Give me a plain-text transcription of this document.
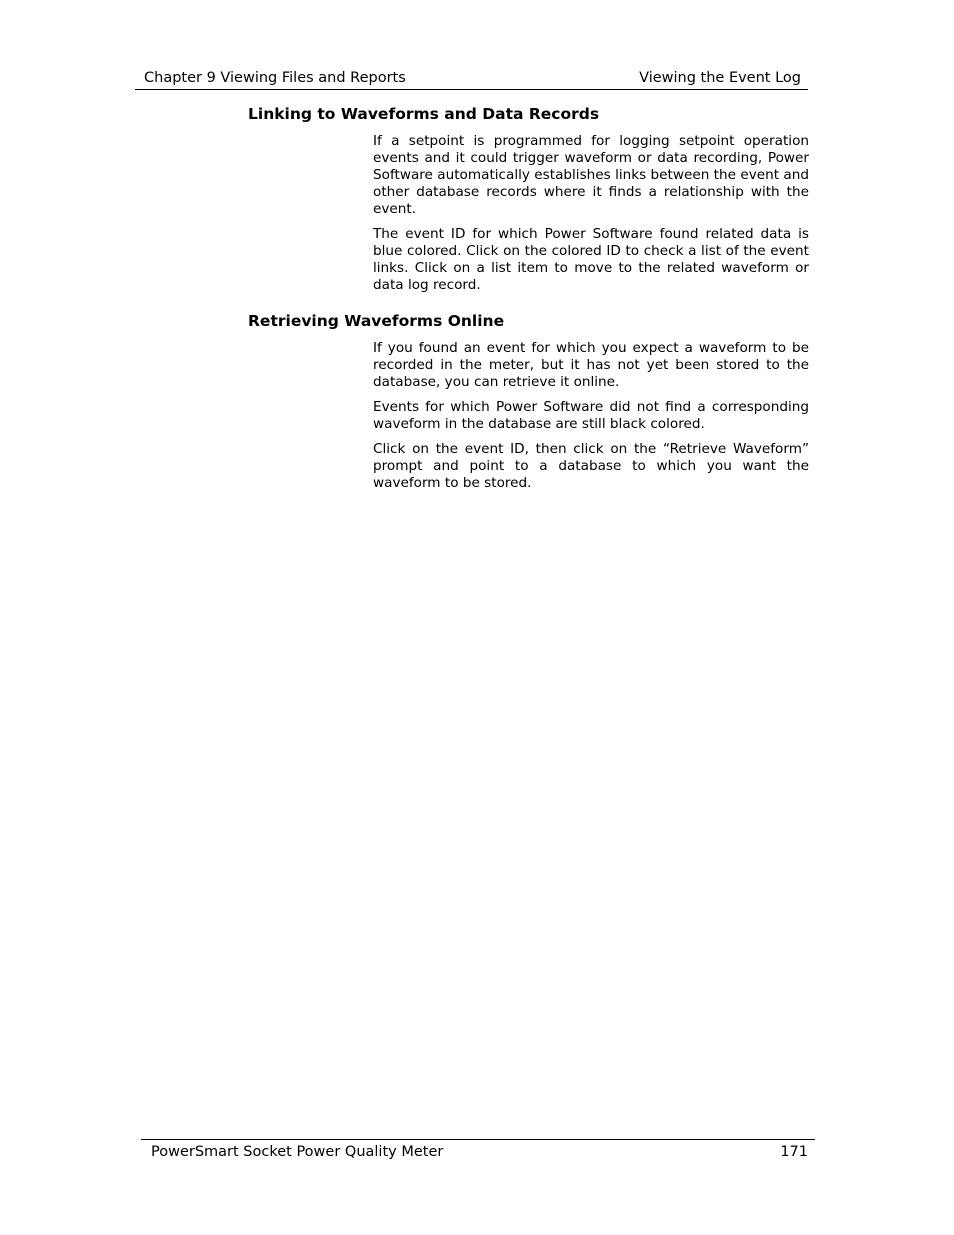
Chapter 9 Viewing Files and Reports	Viewing the Event Log
Linking to Waveforms and Data Records

If a setpoint is programmed for logging setpoint operation events and it could trigger waveform or data recording, Power Software automatically establishes links between the event and other database records where it finds a relationship with the event.

The event ID for which Power Software found related data is blue colored. Click on the colored ID to check a list of the event links. Click on a list item to move to the related waveform or data log record.

Retrieving Waveforms Online

If you found an event for which you expect a waveform to be recorded in the meter, but it has not yet been stored to the database, you can retrieve it online.

Events for which Power Software did not find a corresponding waveform in the database are still black colored.

Click on the event ID, then click on the “Retrieve Waveform” prompt and point to a database to which you want the waveform to be stored.

PowerSmart Socket Power Quality Meter	171
